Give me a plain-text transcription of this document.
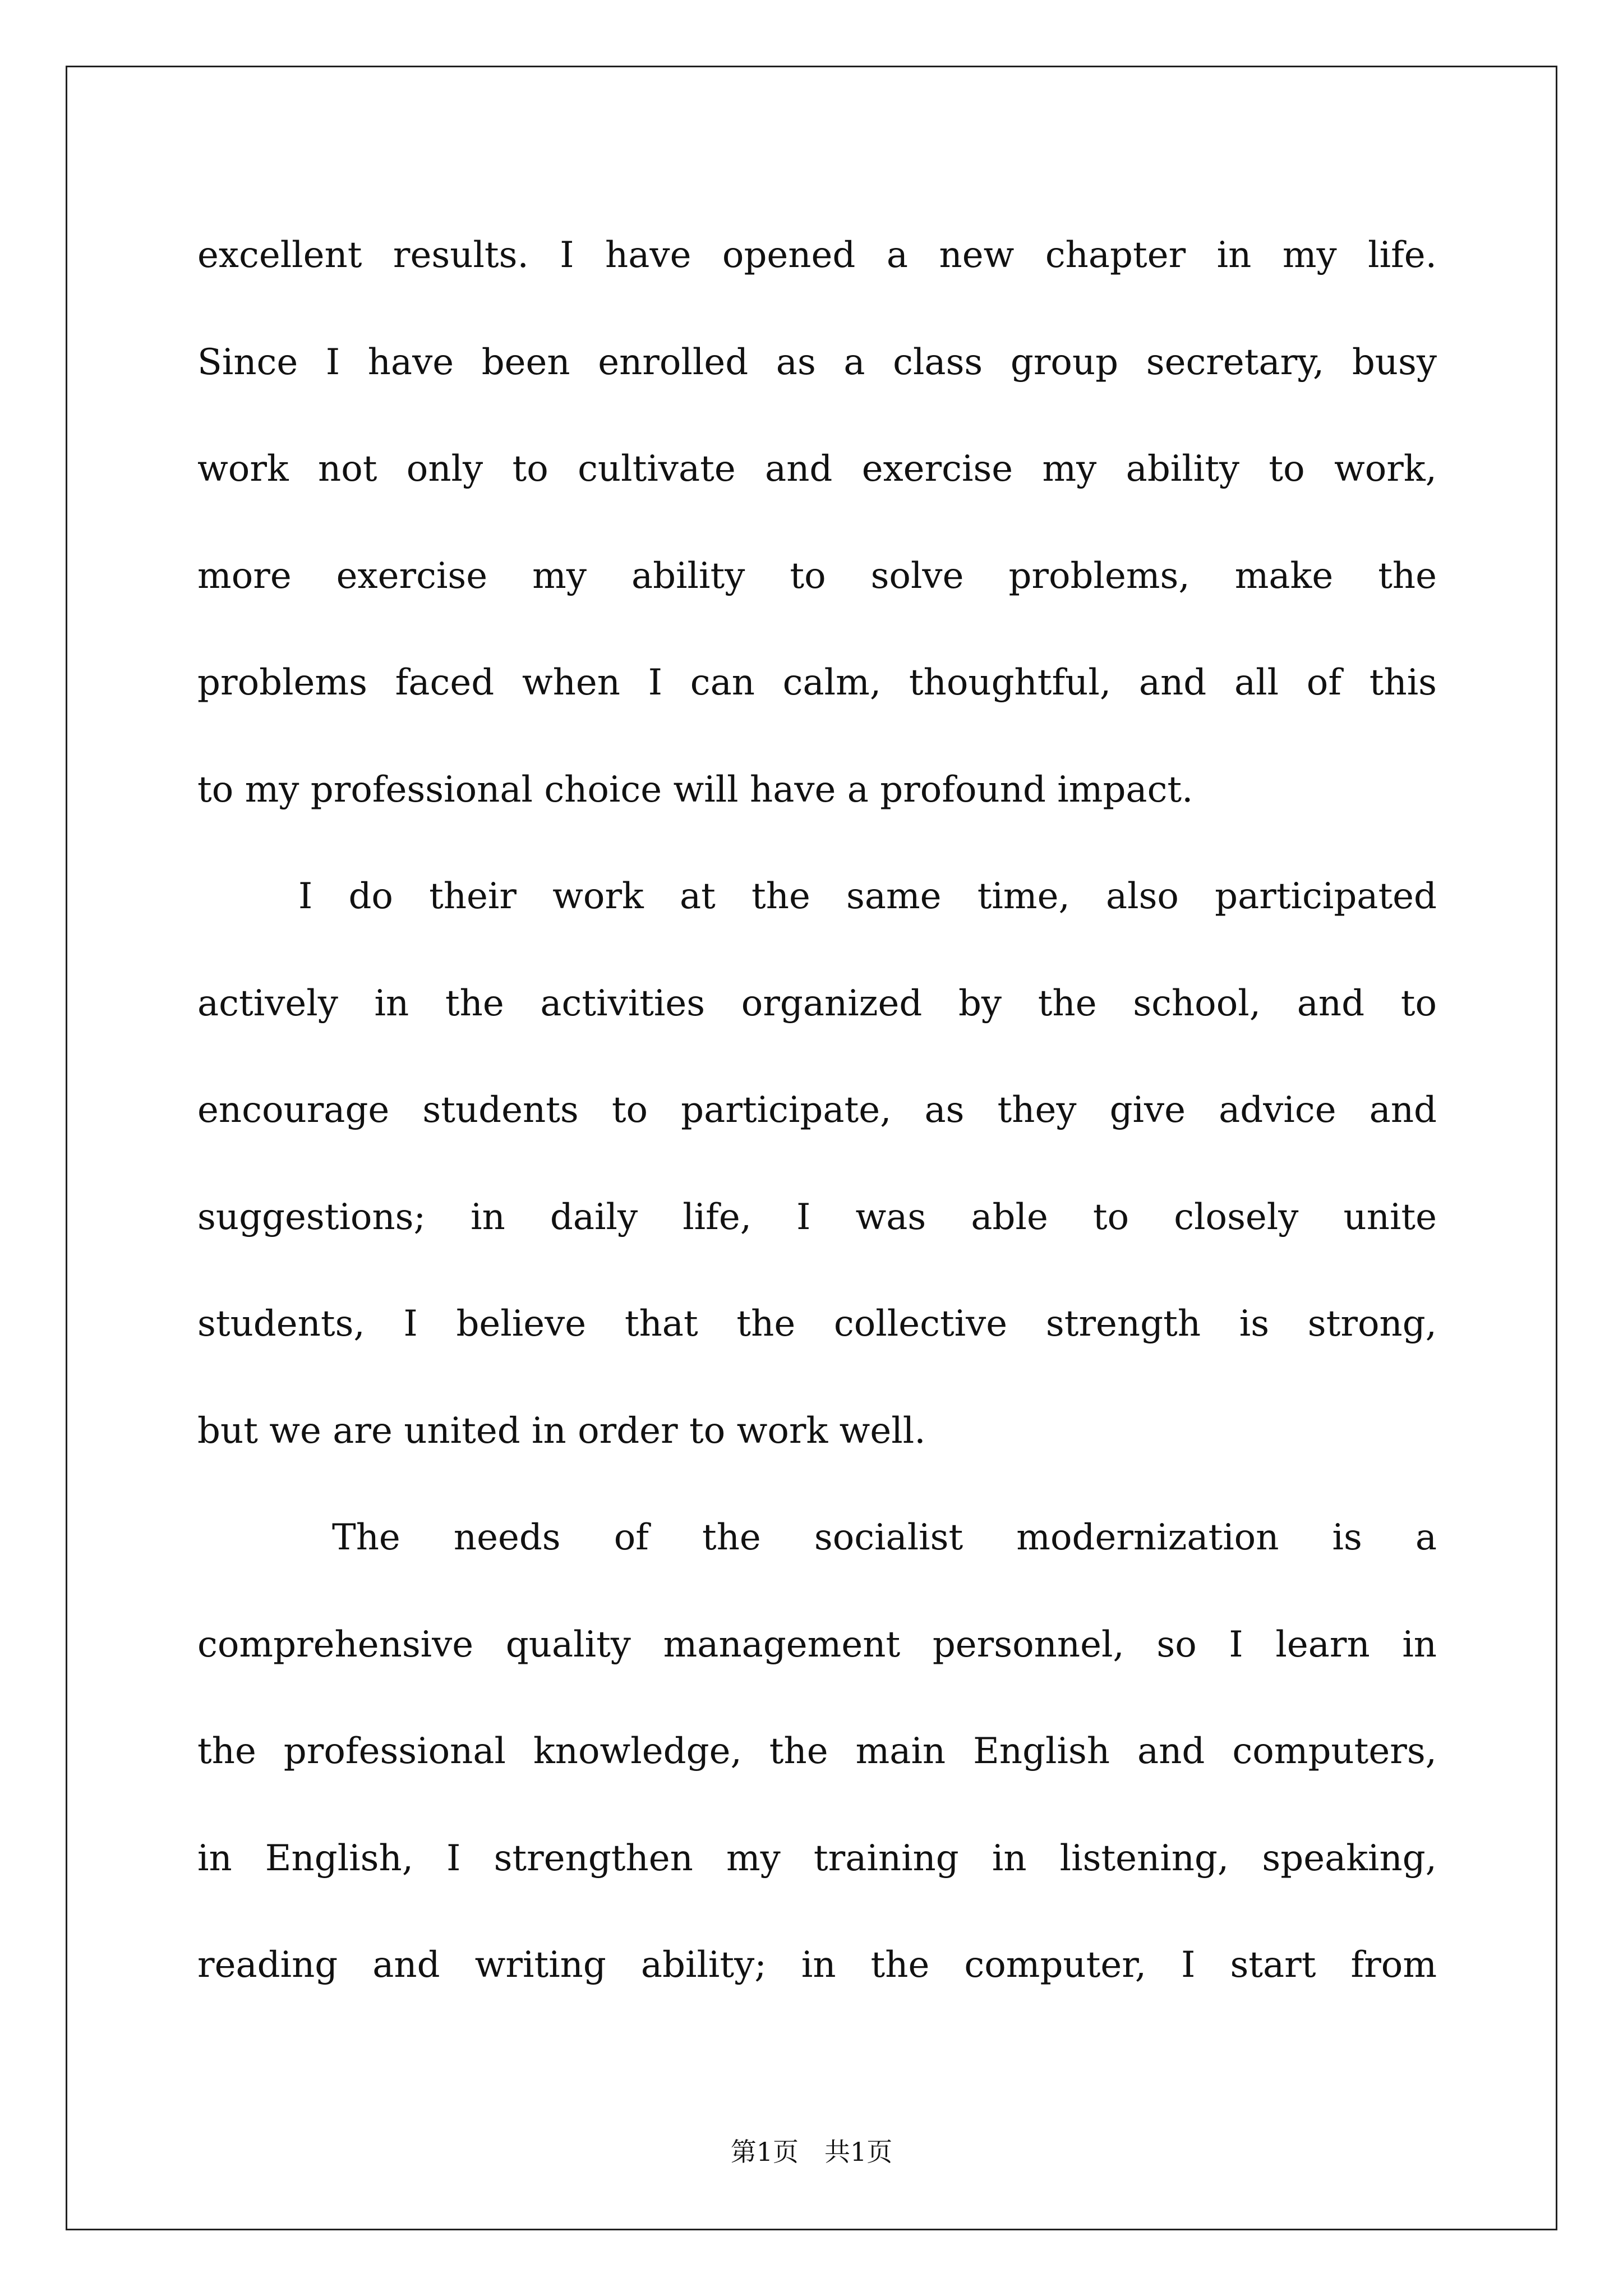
excellent results. I have opened a new chapter in my life.
Since I have been enrolled as a class group secretary, busy
work not only to cultivate and exercise my ability to work,
more exercise my ability to solve problems, make the
problems faced when I can calm, thoughtful, and all of this
to my professional choice will have a profound impact.
I do their work at the same time, also participated
actively in the activities organized by the school, and to
encourage students to participate, as they give advice and
suggestions; in daily life, I was able to closely unite
students, I believe that the collective strength is strong,
but we are united in order to work well.
The needs of the socialist modernization is a
comprehensive quality management personnel, so I learn in
the professional knowledge, the main English and computers,
in English, I strengthen my training in listening, speaking,
reading and writing ability; in the computer, I start from
第1页 共1页
